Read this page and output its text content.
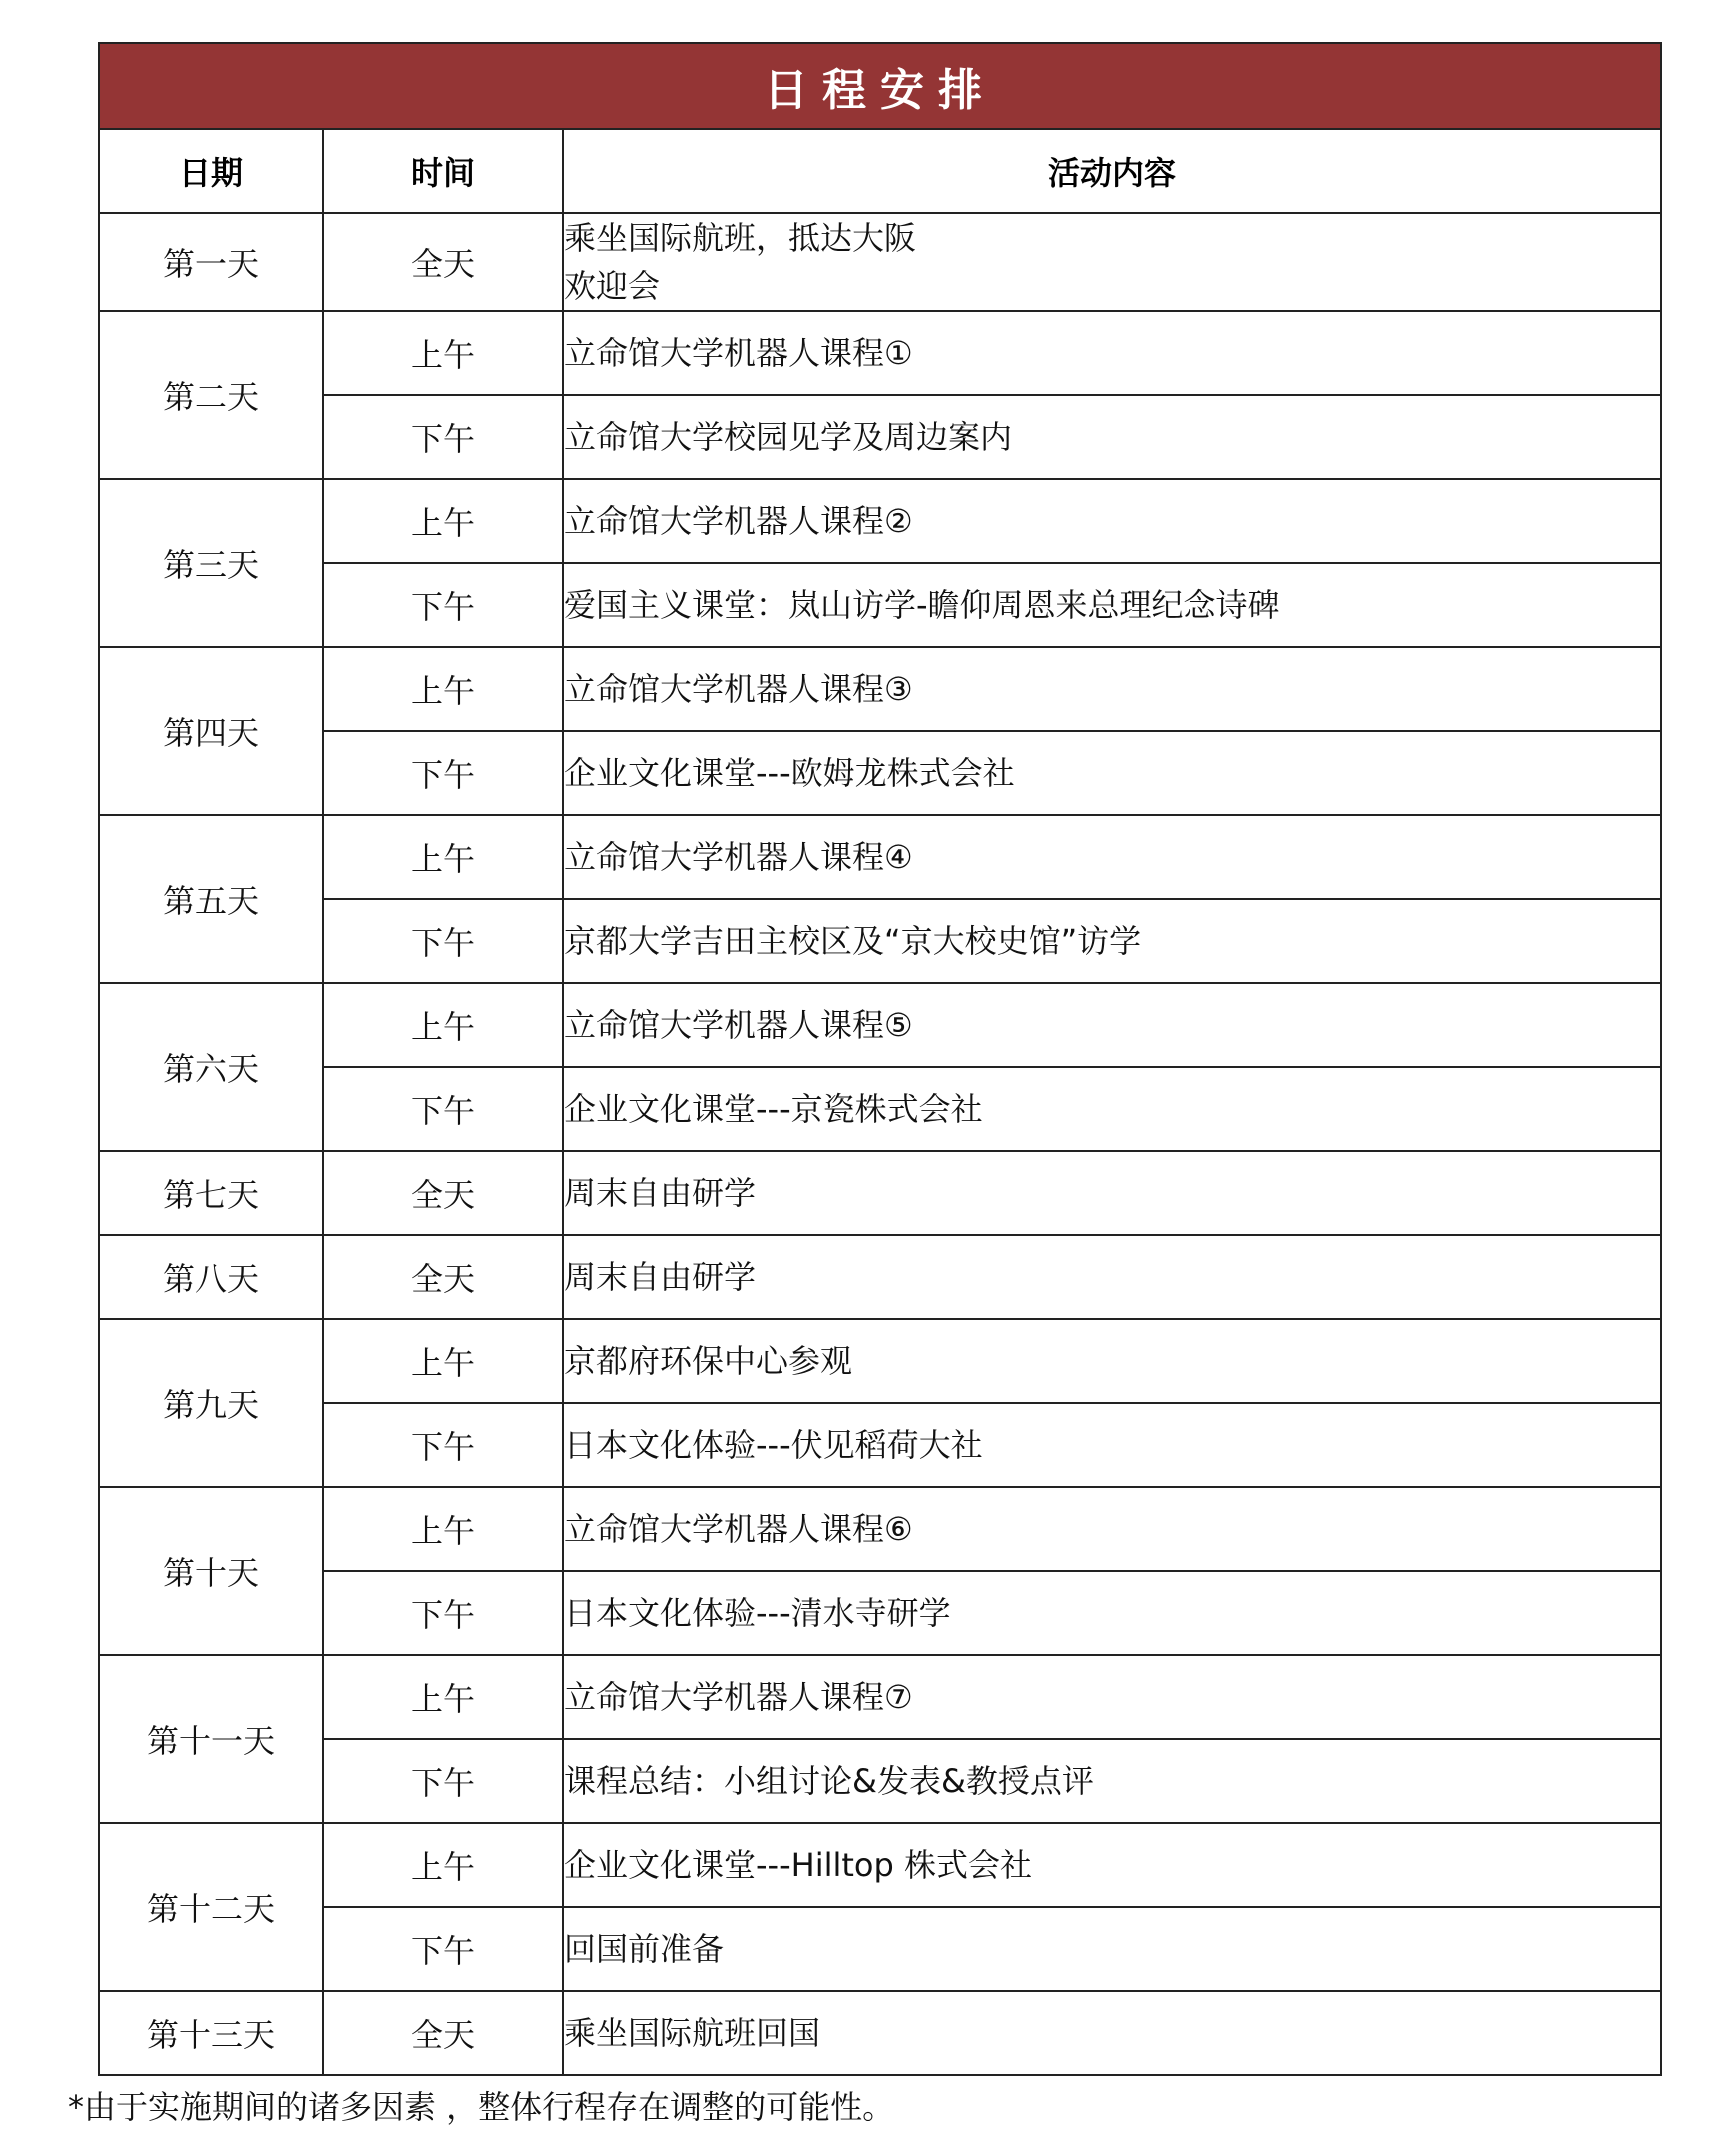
日程安排		
日期	时间	活动内容
第一天	全天	乘坐国际航班，抵达大阪
欢迎会

第二天	上午	立命馆大学机器人课程①

	下午	立命馆大学校园见学及周边案内

第三天	上午	立命馆大学机器人课程②

	下午	爱国主义课堂：岚山访学-瞻仰周恩来总理纪念诗碑

第四天	上午	立命馆大学机器人课程③

	下午	企业文化课堂---欧姆龙株式会社

第五天	上午	立命馆大学机器人课程④

	下午	京都大学吉田主校区及“京大校史馆”访学

第六天	上午	立命馆大学机器人课程⑤

	下午	企业文化课堂---京瓷株式会社

第七天	全天	周末自由研学

第八天	全天	周末自由研学

第九天	上午	京都府环保中心参观

	下午	日本文化体验---伏见稻荷大社

第十天	上午	立命馆大学机器人课程⑥

	下午	日本文化体验---清水寺研学

第十一天	上午	立命馆大学机器人课程⑦

	下午	课程总结：小组讨论&发表&教授点评

第十二天	上午	企业文化课堂---Hilltop 株式会社

	下午	回国前准备

第十三天	全天	乘坐国际航班回国
*由于实施期间的诸多因素 ，整体行程存在调整的可能性。
